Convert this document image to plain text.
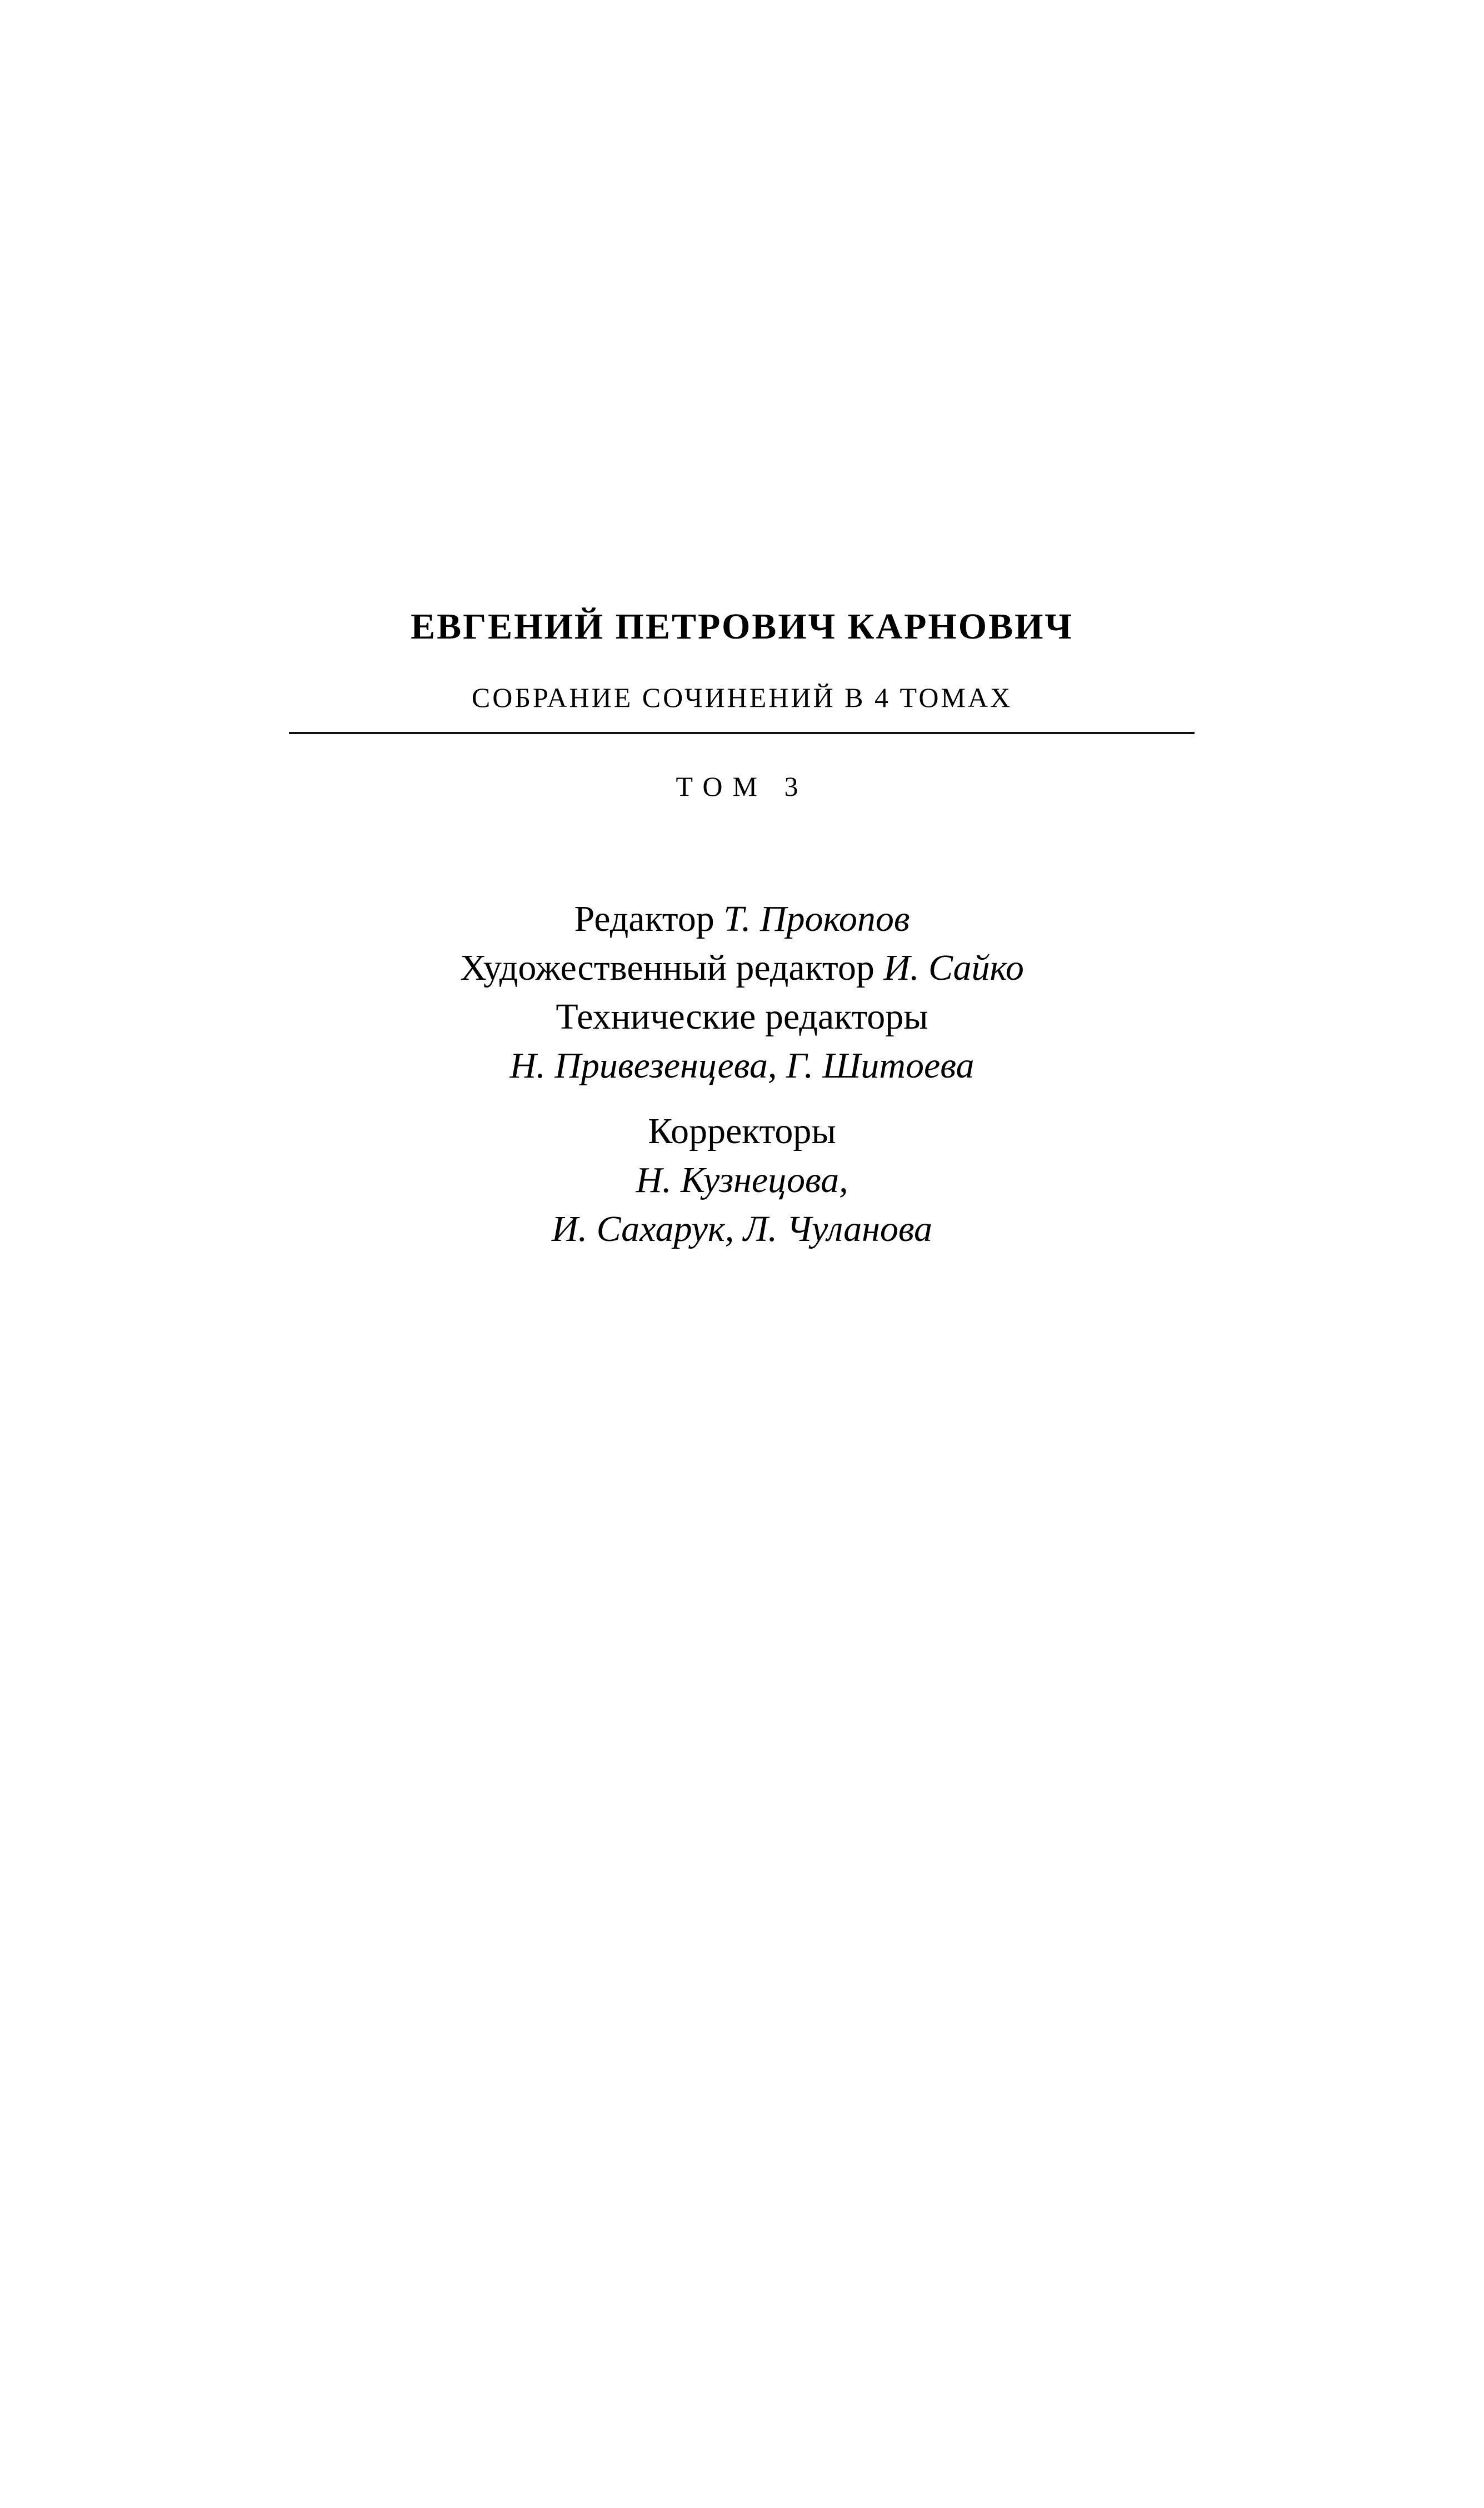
ЕВГЕНИЙ ПЕТРОВИЧ КАРНОВИЧ
СОБРАНИЕ СОЧИНЕНИЙ В 4 ТОМАХ
ТОМ 3
Редактор Т. Прокопов
Художественный редактор И. Сайко
Технические редакторы
Н. Привезенцева, Г. Шитоева
Корректоры
Н. Кузнецова,
И. Сахарук, Л. Чуланова
